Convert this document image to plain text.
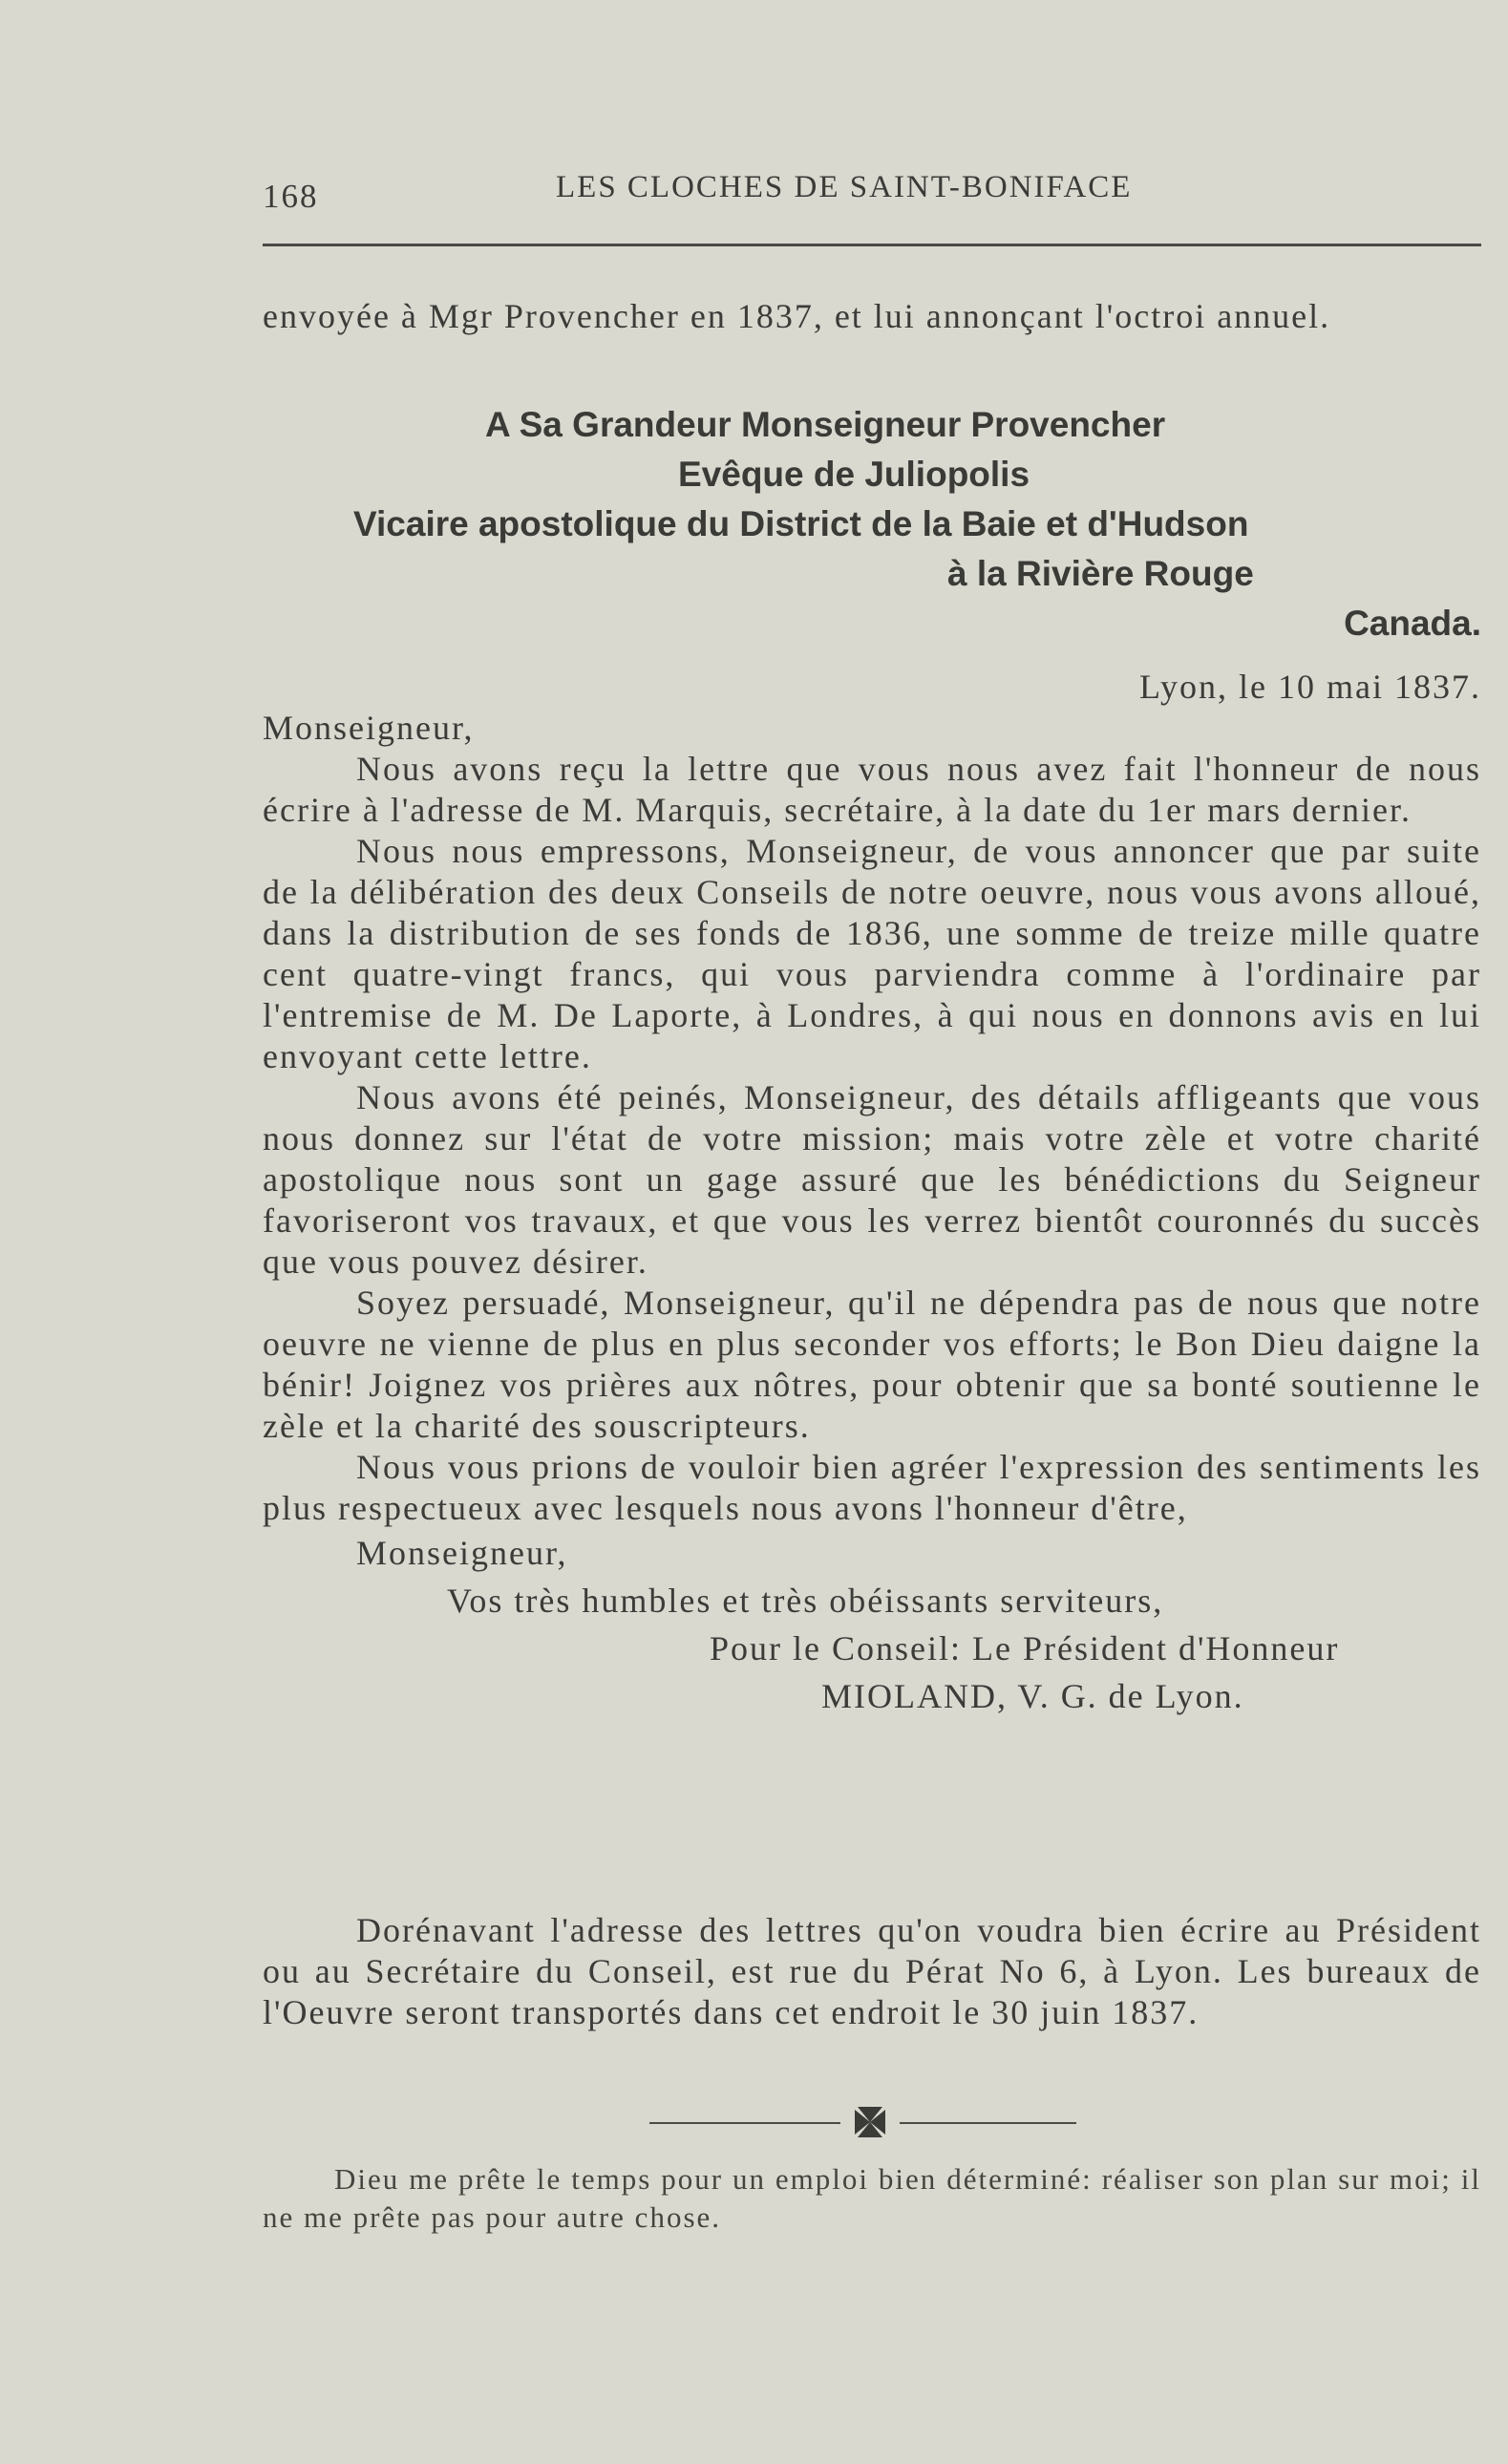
168	LES CLOCHES DE SAINT-BONIFACE

envoyée à Mgr Provencher en 1837, et lui annonçant l'octroi annuel.

A Sa Grandeur Monseigneur Provencher
Evêque de Juliopolis
Vicaire apostolique du District de la Baie et d'Hudson
à la Rivière Rouge
Canada.

Lyon, le 10 mai 1837.

Monseigneur,

Nous avons reçu la lettre que vous nous avez fait l'honneur de nous écrire à l'adresse de M. Marquis, secrétaire, à la date du 1er mars dernier.

Nous nous empressons, Monseigneur, de vous annoncer que par suite de la délibération des deux Conseils de notre oeuvre, nous vous avons alloué, dans la distribution de ses fonds de 1836, une somme de treize mille quatre cent quatre-vingt francs, qui vous parviendra comme à l'ordinaire par l'entremise de M. De Laporte, à Londres, à qui nous en donnons avis en lui envoyant cette lettre.

Nous avons été peinés, Monseigneur, des détails affligeants que vous nous donnez sur l'état de votre mission; mais votre zèle et votre charité apostolique nous sont un gage assuré que les bénédictions du Seigneur favoriseront vos travaux, et que vous les verrez bientôt couronnés du succès que vous pouvez désirer.

Soyez persuadé, Monseigneur, qu'il ne dépendra pas de nous que notre oeuvre ne vienne de plus en plus seconder vos efforts; le Bon Dieu daigne la bénir! Joignez vos prières aux nôtres, pour obtenir que sa bonté soutienne le zèle et la charité des souscripteurs.

Nous vous prions de vouloir bien agréer l'expression des sentiments les plus respectueux avec lesquels nous avons l'honneur d'être,

Monseigneur,
Vos très humbles et très obéissants serviteurs,
Pour le Conseil: Le Président d'Honneur
MIOLAND, V. G. de Lyon.

Dorénavant l'adresse des lettres qu'on voudra bien écrire au Président ou au Secrétaire du Conseil, est rue du Pérat No 6, à Lyon. Les bureaux de l'Oeuvre seront transportés dans cet endroit le 30 juin 1837.

Dieu me prête le temps pour un emploi bien déterminé: réaliser son plan sur moi; il ne me prête pas pour autre chose.
